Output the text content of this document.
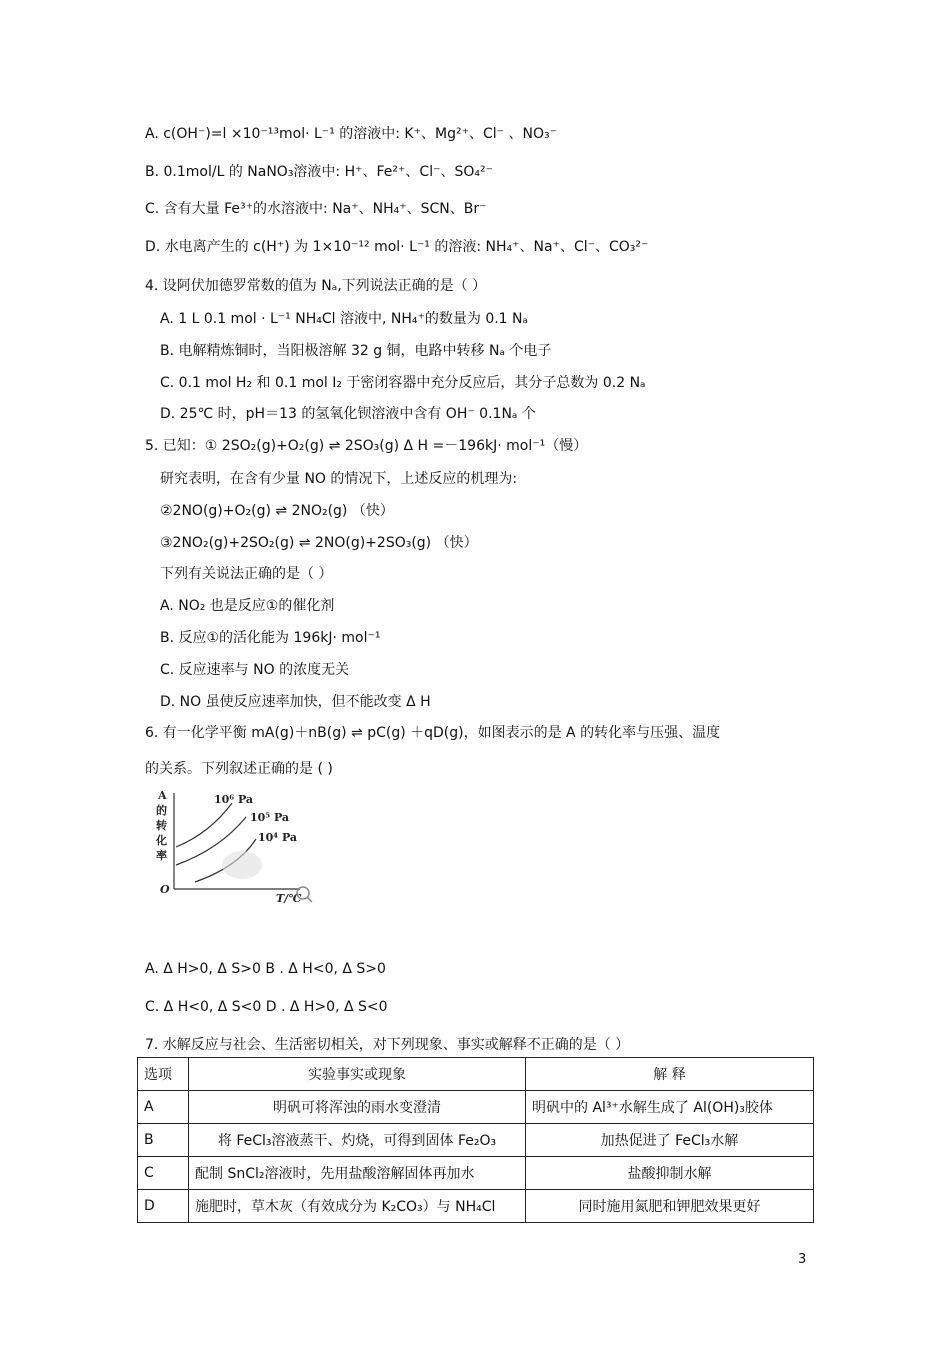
A. c(OH⁻)=l ×10⁻¹³mol· L⁻¹ 的溶液中: K⁺、Mg²⁺、Cl⁻ 、NO₃⁻
B. 0.1mol/L 的 NaNO₃溶液中: H⁺、Fe²⁺、Cl⁻、SO₄²⁻
C. 含有大量 Fe³⁺的水溶液中: Na⁺、NH₄⁺、SCN、Br⁻
D. 水电离产生的 c(H⁺) 为 1×10⁻¹² mol· L⁻¹ 的溶液: NH₄⁺、Na⁺、Cl⁻、CO₃²⁻
4. 设阿伏加德罗常数的值为 Nₐ,下列说法正确的是（ ）
A. 1 L 0.1 mol · L⁻¹ NH₄Cl 溶液中, NH₄⁺的数量为 0.1 Nₐ
B. 电解精炼铜时，当阳极溶解 32 g 铜，电路中转移 Nₐ 个电子
C. 0.1 mol H₂ 和 0.1 mol I₂ 于密闭容器中充分反应后，其分子总数为 0.2 Nₐ
D. 25℃ 时，pH＝13 的氢氧化钡溶液中含有 OH⁻ 0.1Nₐ 个
5. 已知：① 2SO₂(g)+O₂(g) ⇌ 2SO₃(g) Δ H =－196kJ· mol⁻¹（慢）
研究表明，在含有少量 NO 的情况下，上述反应的机理为:
②2NO(g)+O₂(g) ⇌ 2NO₂(g) （快）
③2NO₂(g)+2SO₂(g) ⇌ 2NO(g)+2SO₃(g) （快）
下列有关说法正确的是（ ）
A. NO₂ 也是反应①的催化剂
B. 反应①的活化能为 196kJ· mol⁻¹
C. 反应速率与 NO 的浓度无关
D. NO 虽使反应速率加快，但不能改变 Δ H
6. 有一化学平衡 mA(g)＋nB(g) ⇌ pC(g) ＋qD(g)，如图表示的是 A 的转化率与压强、温度
的关系。下列叙述正确的是 ( )
A
的
转
化
率
O
T/℃
10⁶ Pa
10⁵ Pa
10⁴ Pa
A. Δ H>0, Δ S>0 B . Δ H<0, Δ S>0
C. Δ H<0, Δ S<0 D . Δ H>0, Δ S<0
7. 水解反应与社会、生活密切相关，对下列现象、事实或解释不正确的是（ ）
选项	实验事实或现象	解 释
A	明矾可将浑浊的雨水变澄清	明矾中的 Al³⁺水解生成了 Al(OH)₃胶体
B	将 FeCl₃溶液蒸干、灼烧，可得到固体 Fe₂O₃	加热促进了 FeCl₃水解
C	配制 SnCl₂溶液时，先用盐酸溶解固体再加水	盐酸抑制水解
D	施肥时，草木灰（有效成分为 K₂CO₃）与 NH₄Cl	同时施用氮肥和钾肥效果更好
3
